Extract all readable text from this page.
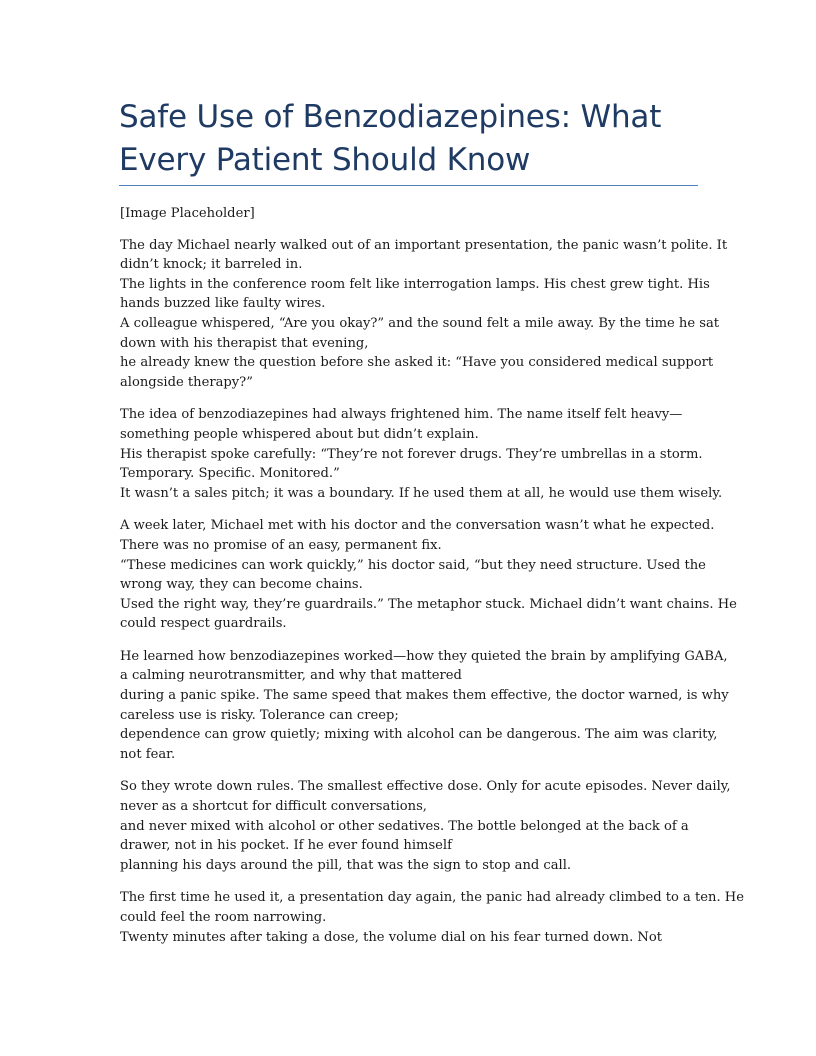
Safe Use of Benzodiazepines: What
Every Patient Should Know

[Image Placeholder]

The day Michael nearly walked out of an important presentation, the panic wasn’t polite. It
didn’t knock; it barreled in.
The lights in the conference room felt like interrogation lamps. His chest grew tight. His
hands buzzed like faulty wires.
A colleague whispered, “Are you okay?” and the sound felt a mile away. By the time he sat
down with his therapist that evening,
he already knew the question before she asked it: “Have you considered medical support
alongside therapy?”

The idea of benzodiazepines had always frightened him. The name itself felt heavy—
something people whispered about but didn’t explain.
His therapist spoke carefully: “They’re not forever drugs. They’re umbrellas in a storm.
Temporary. Specific. Monitored.”
It wasn’t a sales pitch; it was a boundary. If he used them at all, he would use them wisely.

A week later, Michael met with his doctor and the conversation wasn’t what he expected.
There was no promise of an easy, permanent fix.
“These medicines can work quickly,” his doctor said, “but they need structure. Used the
wrong way, they can become chains.
Used the right way, they’re guardrails.” The metaphor stuck. Michael didn’t want chains. He
could respect guardrails.

He learned how benzodiazepines worked—how they quieted the brain by amplifying GABA,
a calming neurotransmitter, and why that mattered
during a panic spike. The same speed that makes them effective, the doctor warned, is why
careless use is risky. Tolerance can creep;
dependence can grow quietly; mixing with alcohol can be dangerous. The aim was clarity,
not fear.

So they wrote down rules. The smallest effective dose. Only for acute episodes. Never daily,
never as a shortcut for difficult conversations,
and never mixed with alcohol or other sedatives. The bottle belonged at the back of a
drawer, not in his pocket. If he ever found himself
planning his days around the pill, that was the sign to stop and call.

The first time he used it, a presentation day again, the panic had already climbed to a ten. He
could feel the room narrowing.
Twenty minutes after taking a dose, the volume dial on his fear turned down. Not
